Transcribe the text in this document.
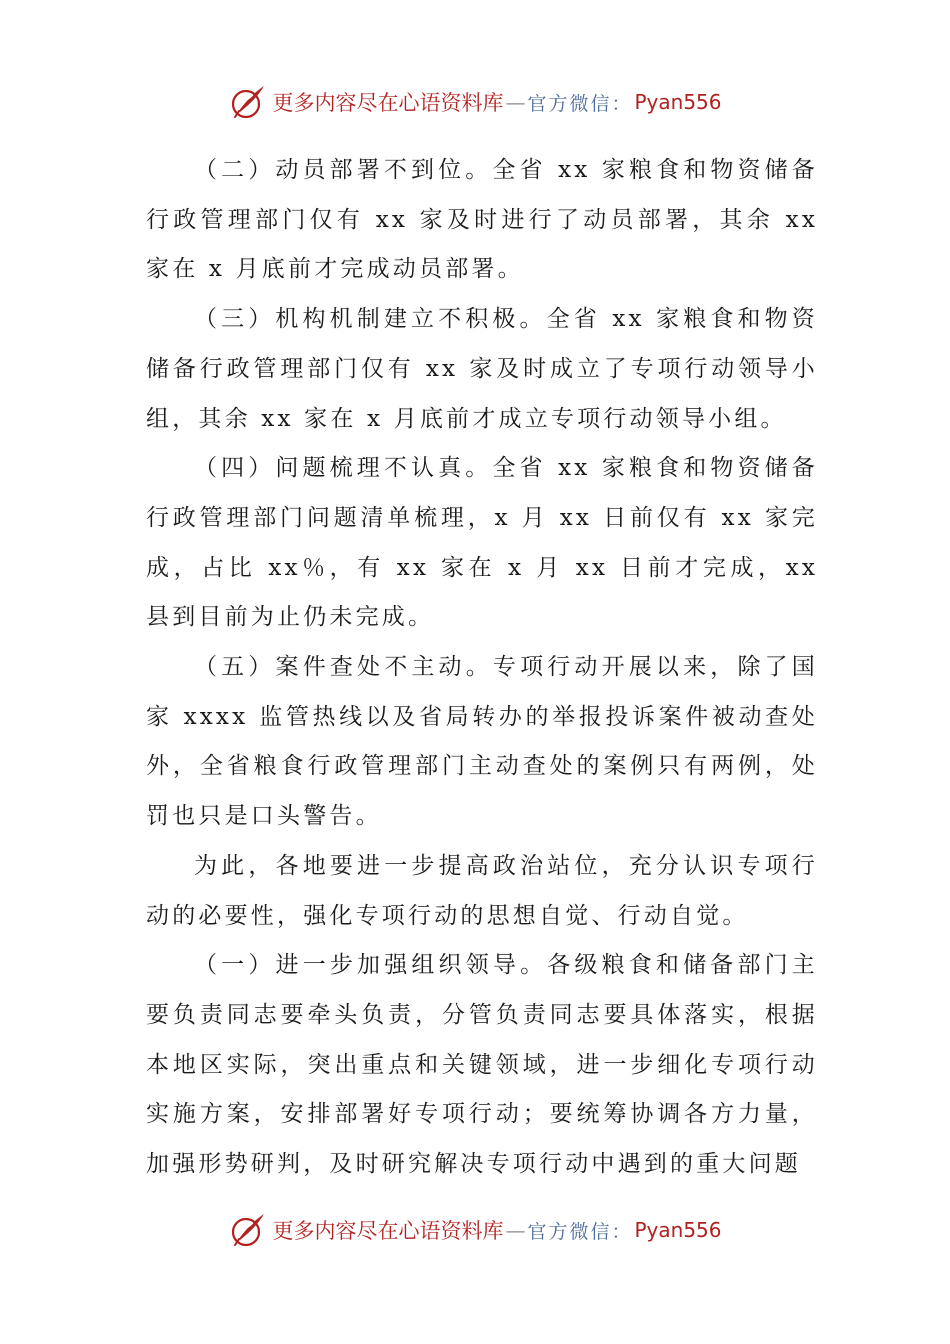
更多内容尽在心语资料库 — 官方微信： Pyan556

（二）动员部署不到位。全省 xx 家粮食和物资储备行政管理部门仅有 xx 家及时进行了动员部署，其余 xx 家在 x 月底前才完成动员部署。

（三）机构机制建立不积极。全省 xx 家粮食和物资储备行政管理部门仅有 xx 家及时成立了专项行动领导小组，其余 xx 家在 x 月底前才成立专项行动领导小组。

（四）问题梳理不认真。全省 xx 家粮食和物资储备行政管理部门问题清单梳理，x 月 xx 日前仅有 xx 家完成，占比 xx％，有 xx 家在 x 月 xx 日前才完成，xx 县到目前为止仍未完成。

（五）案件查处不主动。专项行动开展以来，除了国家 xxxx 监管热线以及省局转办的举报投诉案件被动查处外，全省粮食行政管理部门主动查处的案例只有两例，处罚也只是口头警告。

为此，各地要进一步提高政治站位，充分认识专项行动的必要性，强化专项行动的思想自觉、行动自觉。

（一）进一步加强组织领导。各级粮食和储备部门主要负责同志要牵头负责，分管负责同志要具体落实，根据本地区实际，突出重点和关键领域，进一步细化专项行动实施方案，安排部署好专项行动；要统筹协调各方力量，加强形势研判，及时研究解决专项行动中遇到的重大问题

更多内容尽在心语资料库 — 官方微信： Pyan556
